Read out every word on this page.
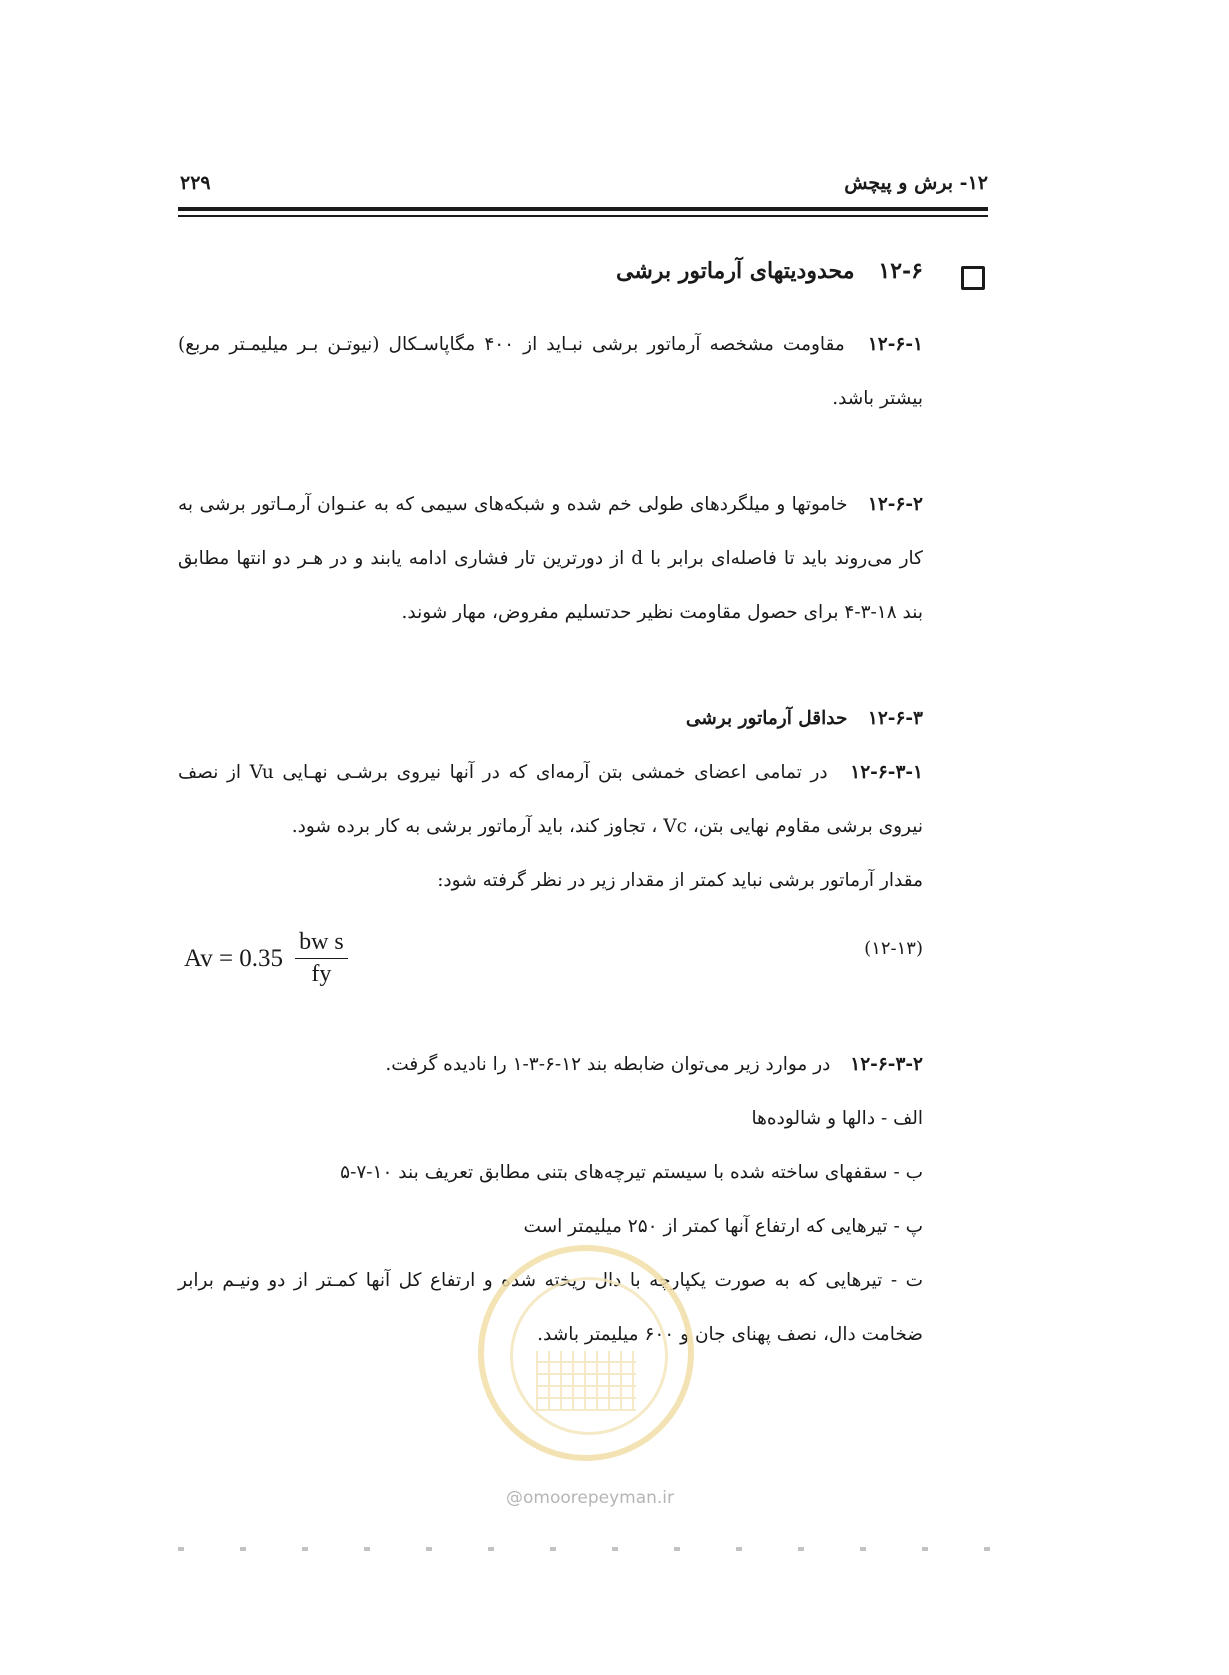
۱۲- برش و پیچش
۲۲۹
۱۲-۶ محدودیتهای آرماتور برشی

۱۲-۶-۱ مقاومت مشخصه آرماتور برشی نبـاید از ۴۰۰ مگاپاسـکال (نیوتـن بـر میلیمـتر مربع) بیشتر باشد.

۱۲-۶-۲ خاموتها و میلگردهای طولی خم شده و شبکه‌های سیمی که به عنـوان آرمـاتور برشی به کار می‌روند باید تا فاصله‌ای برابر با d از دورترین تار فشاری ادامه یابند و در هـر دو انتها مطابق بند ۱۸-۳-۴ برای حصول مقاومت نظیر حدتسلیم مفروض، مهار شوند.

۱۲-۶-۳ حداقل آرماتور برشی

۱۲-۶-۳-۱ در تمامی اعضای خمشی بتن آرمه‌ای که در آنها نیروی برشـی نهـایی Vu از نصف نیروی برشی مقاوم نهایی بتن، Vc ، تجاوز کند، باید آرماتور برشی به کار برده شود.

مقدار آرماتور برشی نباید کمتر از مقدار زیر در نظر گرفته شود:

$Av = 0.35 \frac{\text{bw s}}{fy}$	(۱۲-۱۳)

۱۲-۶-۳-۲ در موارد زیر می‌توان ضابطه بند ۱۲-۶-۳-۱ را نادیده گرفت.

الف - دالها و شالوده‌ها

ب - سقفهای ساخته شده با سیستم تیرچه‌های بتنی مطابق تعریف بند ۱۰-۷-۵

پ - تیرهایی که ارتفاع آنها کمتر از ۲۵۰ میلیمتر است

ت - تیرهایی که به صورت یکپارچه با دال ریخته شده و ارتفاع کل آنها کمـتر از دو ونیـم برابر ضخامت دال، نصف پهنای جان و ۶۰۰ میلیمتر باشد.

@omoorepeyman.ir
